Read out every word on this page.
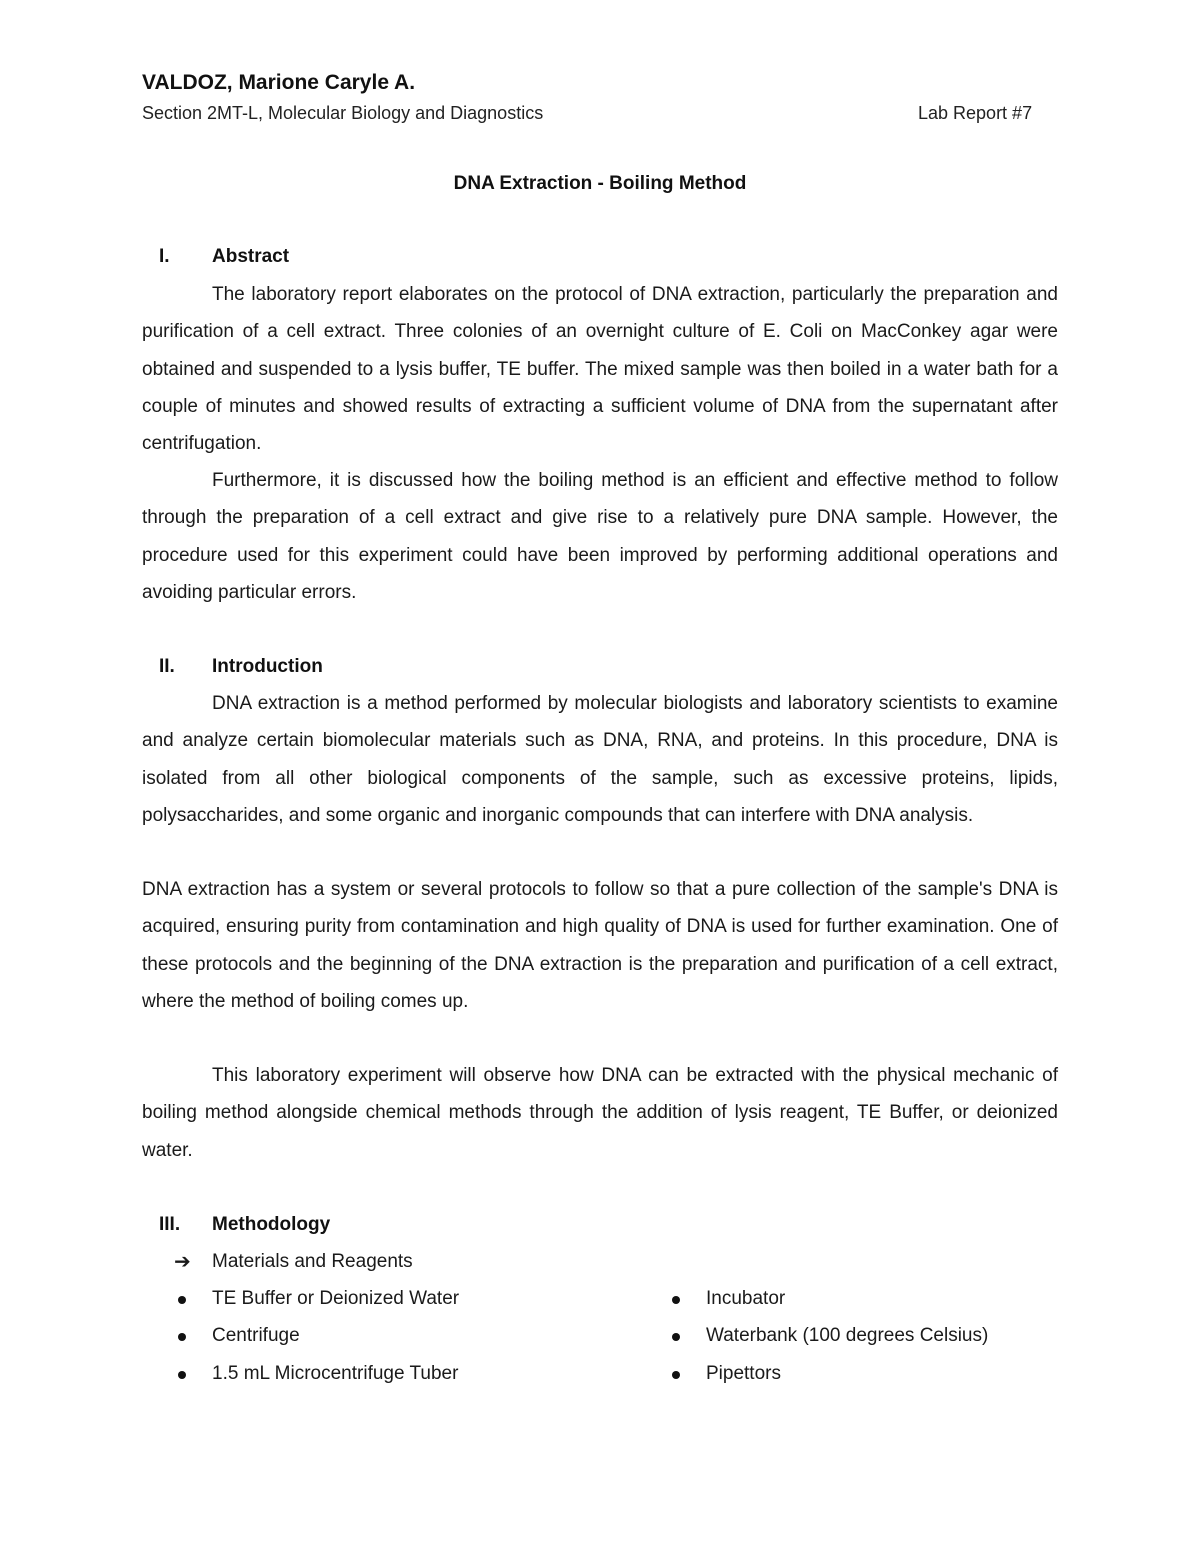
VALDOZ, Marione Caryle A.
Section 2MT-L, Molecular Biology and Diagnostics	Lab Report #7
DNA Extraction - Boiling Method
I. Abstract

The laboratory report elaborates on the protocol of DNA extraction, particularly the preparation and purification of a cell extract. Three colonies of an overnight culture of E. Coli on MacConkey agar were obtained and suspended to a lysis buffer, TE buffer. The mixed sample was then boiled in a water bath for a couple of minutes and showed results of extracting a sufficient volume of DNA from the supernatant after centrifugation.

Furthermore, it is discussed how the boiling method is an efficient and effective method to follow through the preparation of a cell extract and give rise to a relatively pure DNA sample. However, the procedure used for this experiment could have been improved by performing additional operations and avoiding particular errors.

II. Introduction

DNA extraction is a method performed by molecular biologists and laboratory scientists to examine and analyze certain biomolecular materials such as DNA, RNA, and proteins. In this procedure, DNA is isolated from all other biological components of the sample, such as excessive proteins, lipids, polysaccharides, and some organic and inorganic compounds that can interfere with DNA analysis.

DNA extraction has a system or several protocols to follow so that a pure collection of the sample's DNA is acquired, ensuring purity from contamination and high quality of DNA is used for further examination. One of these protocols and the beginning of the DNA extraction is the preparation and purification of a cell extract, where the method of boiling comes up.

This laboratory experiment will observe how DNA can be extracted with the physical mechanic of boiling method alongside chemical methods through the addition of lysis reagent, TE Buffer, or deionized water.

III. Methodology
➔ Materials and Reagents
TE Buffer or Deionized Water
Centrifuge
1.5 mL Microcentrifuge Tuber
Incubator
Waterbank (100 degrees Celsius)
Pipettors
